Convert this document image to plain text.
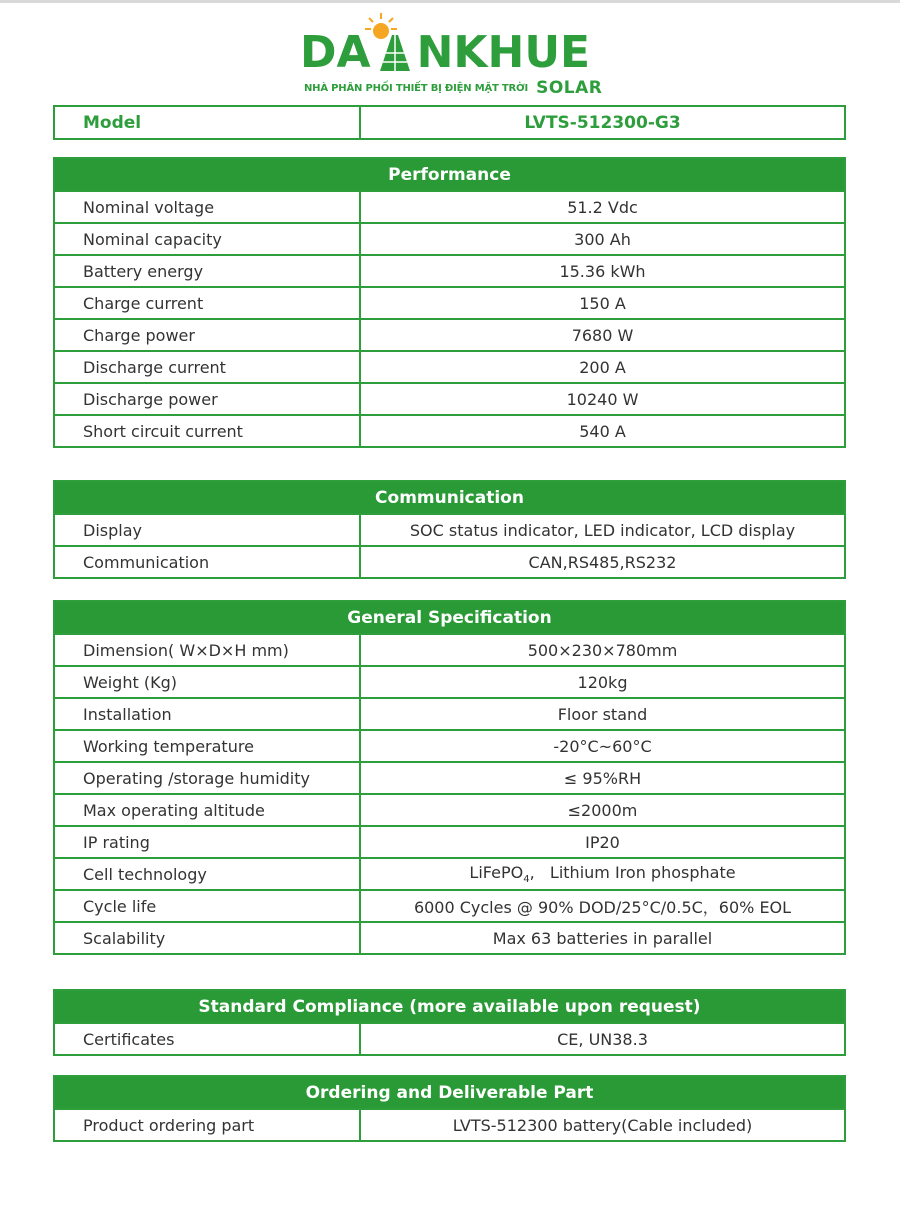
DA NKHUE
NHÀ PHÂN PHỐI THIẾT BỊ ĐIỆN MẶT TRỜI SOLAR
Model	LVTS-512300-G3
Performance	
Nominal voltage	51.2 Vdc
Nominal capacity	300 Ah
Battery energy	15.36 kWh
Charge current	150 A
Charge power	7680 W
Discharge current	200 A
Discharge power	10240 W
Short circuit current	540 A
Communication	
Display	SOC status indicator, LED indicator, LCD display
Communication	CAN,RS485,RS232
General Specification	
Dimension( W×D×H mm)	500×230×780mm
Weight (Kg)	120kg
Installation	Floor stand
Working temperature	-20°C~60°C
Operating /storage humidity	≤ 95%RH
Max operating altitude	≤2000m
IP rating	IP20
Cell technology	LiFePO$_4$,   Lithium Iron phosphate
Cycle life	6000 Cycles @ 90% DOD/25°C/0.5C，60% EOL
Scalability	Max 63 batteries in parallel
Standard Compliance (more available upon request)
Certificates	CE, UN38.3
Ordering and Deliverable Part
Product ordering part	LVTS-512300 battery(Cable included)
